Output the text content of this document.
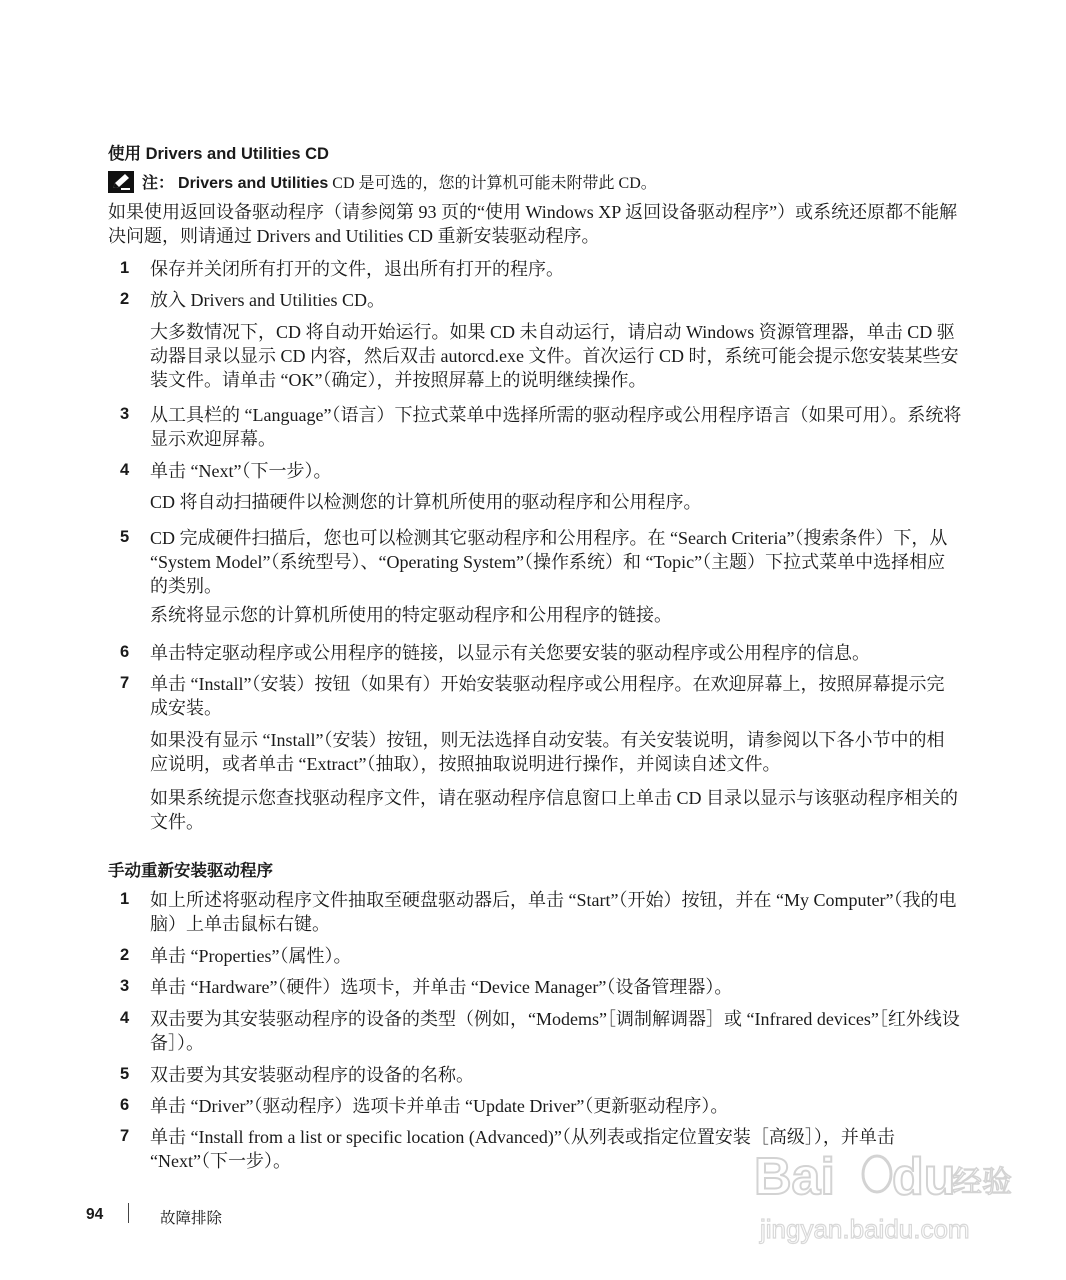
使用 Drivers and Utilities CD
注： Drivers and Utilities CD 是可选的，您的计算机可能未附带此 CD。
如果使用返回设备驱动程序（请参阅第 93 页的“使用 Windows XP 返回设备驱动程序”）或系统还原都不能解决问题，则请通过 Drivers and Utilities CD 重新安装驱动程序。
1 保存并关闭所有打开的文件，退出所有打开的程序。
2 放入 Drivers and Utilities CD。
大多数情况下，CD 将自动开始运行。如果 CD 未自动运行，请启动 Windows 资源管理器，单击 CD 驱动器目录以显示 CD 内容，然后双击 autorcd.exe 文件。首次运行 CD 时，系统可能会提示您安装某些安装文件。请单击 “OK”（确定），并按照屏幕上的说明继续操作。
3 从工具栏的 “Language”（语言）下拉式菜单中选择所需的驱动程序或公用程序语言（如果可用）。系统将显示欢迎屏幕。
4 单击 “Next”（下一步）。
CD 将自动扫描硬件以检测您的计算机所使用的驱动程序和公用程序。
5 CD 完成硬件扫描后，您也可以检测其它驱动程序和公用程序。在 “Search Criteria”（搜索条件）下，从 “System Model”（系统型号）、“Operating System”（操作系统）和 “Topic”（主题）下拉式菜单中选择相应的类别。
系统将显示您的计算机所使用的特定驱动程序和公用程序的链接。
6 单击特定驱动程序或公用程序的链接，以显示有关您要安装的驱动程序或公用程序的信息。
7 单击 “Install”（安装）按钮（如果有）开始安装驱动程序或公用程序。在欢迎屏幕上，按照屏幕提示完成安装。
如果没有显示 “Install”（安装）按钮，则无法选择自动安装。有关安装说明，请参阅以下各小节中的相应说明，或者单击 “Extract”（抽取），按照抽取说明进行操作，并阅读自述文件。
如果系统提示您查找驱动程序文件，请在驱动程序信息窗口上单击 CD 目录以显示与该驱动程序相关的文件。
手动重新安装驱动程序
1 如上所述将驱动程序文件抽取至硬盘驱动器后，单击 “Start”（开始）按钮，并在 “My Computer”（我的电脑）上单击鼠标右键。
2 单击 “Properties”（属性）。
3 单击 “Hardware”（硬件）选项卡，并单击 “Device Manager”（设备管理器）。
4 双击要为其安装驱动程序的设备的类型（例如，“Modems”［调制解调器］或 “Infrared devices”［红外线设备］）。
5 双击要为其安装驱动程序的设备的名称。
6 单击 “Driver”（驱动程序）选项卡并单击 “Update Driver”（更新驱动程序）。
7 单击 “Install from a list or specific location (Advanced)”（从列表或指定位置安装［高级］），并单击 “Next”（下一步）。
94	故障排除
Bai du
经验
jingyan.baidu.com
